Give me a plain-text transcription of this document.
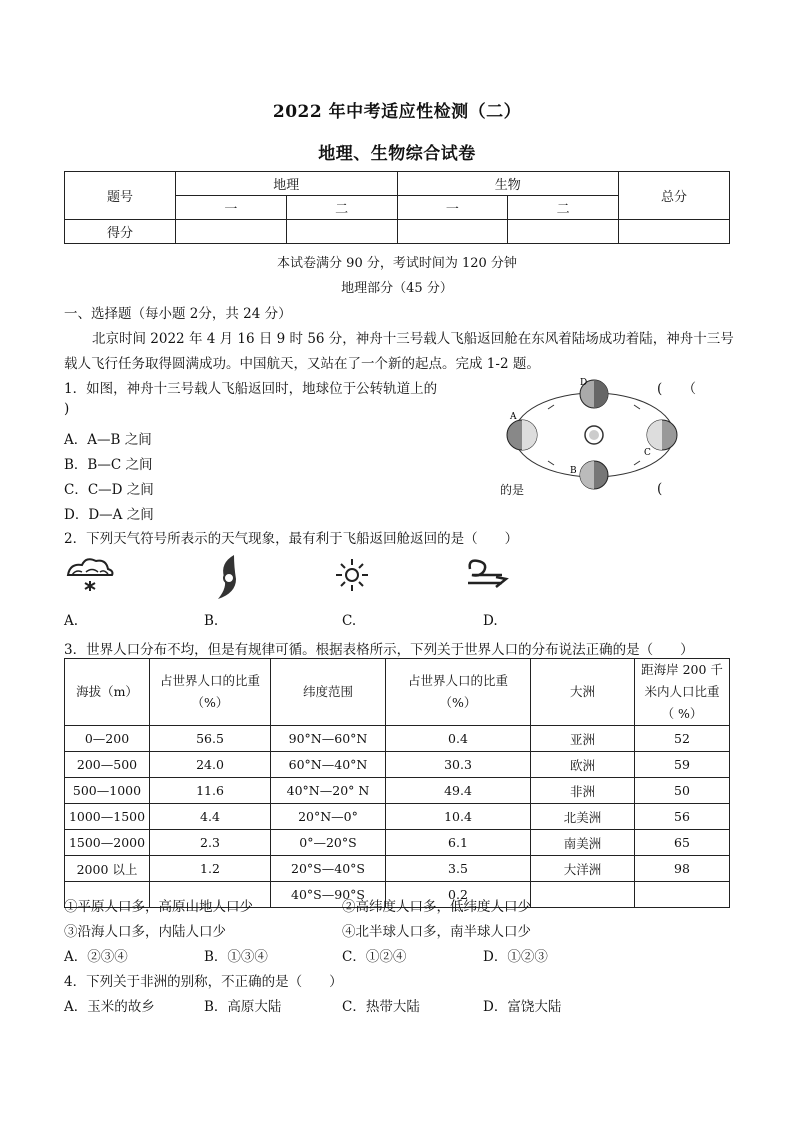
2022 年中考适应性检测（二）
地理、生物综合试卷
题号	地理		生物		总分
	一	二	一	二	
得分					
本试卷满分 90 分，考试时间为 120 分钟
地理部分（45 分）
一、选择题（每小题 2分，共 24 分）
北京时间 2022 年 4 月 16 日 9 时 56 分，神舟十三号载人飞船返回舱在东风着陆场成功着陆，神舟十三号
载人飞行任务取得圆满成功。中国航天，又站在了一个新的起点。完成 1-2 题。
1．如图，神舟十三号载人飞船返回时，地球位于公转轨道上的	(　　（
)
A．A—B 之间
B．B—C 之间
C．C—D 之间
D．D—A 之间
A
B
C
D
的是	(
2．下列天气符号所表示的天气现象，最有利于飞船返回舱返回的是（　　）
A.	B.	C.	D.
3．世界人口分布不均，但是有规律可循。根据表格所示，下列关于世界人口的分布说法正确的是（　　）
海拔（m）	占世界人口的比重（%）	纬度范围	占世界人口的比重（%）	大洲	距海岸 200 千米内人口比重（ %）
0—200	56.5	90°N—60°N	0.4	亚洲	52
200—500	24.0	60°N—40°N	30.3	欧洲	59
500—1000	11.6	40°N—20° N	49.4	非洲	50
1000—1500	4.4	20°N—0°	10.4	北美洲	56
1500—2000	2.3	0°—20°S	6.1	南美洲	65
2000 以上	1.2	20°S—40°S	3.5	大洋洲	98
		40°S—90°S	0.2		
①平原人口多，高原山地人口少	②高纬度人口多，低纬度人口少
③沿海人口多，内陆人口少	④北半球人口多，南半球人口少
A．②③④	B．①③④	C．①②④	D．①②③
4．下列关于非洲的别称，不正确的是（　　）
A．玉米的故乡	B．高原大陆	C．热带大陆	D．富饶大陆
